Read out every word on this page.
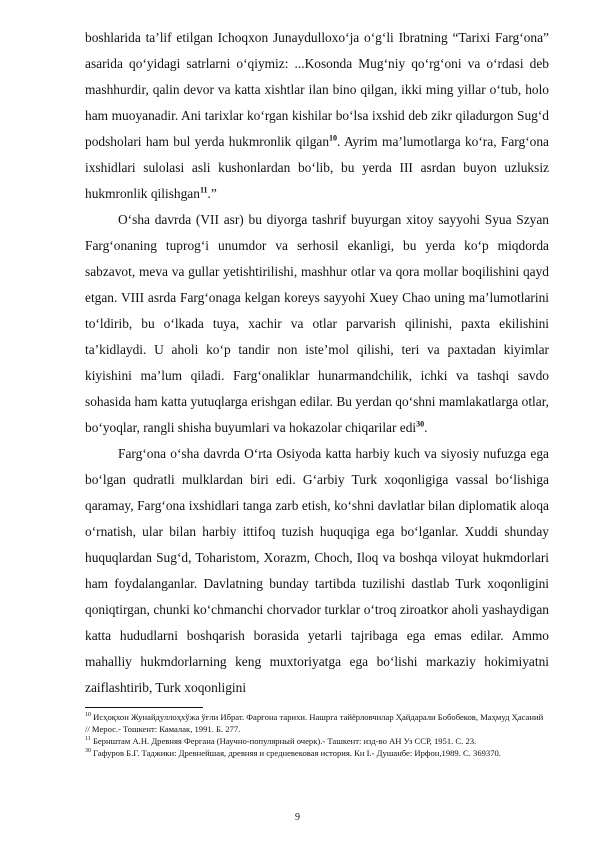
boshlarida ta’lif etilgan Ichoqxon Junaydulloxo‘ja o‘g‘li Ibratning “Tarixi Farg‘ona” asarida qo‘yidagi satrlarni o‘qiymiz: ...Kosonda Mug‘niy qo‘rg‘oni va o‘rdasi deb mashhurdir, qalin devor va katta xishtlar ilan bino qilgan, ikki ming yillar o‘tub, holo ham muoyanadir. Ani tarixlar ko‘rgan kishilar bo‘lsa ixshid deb zikr qiladurgon Sug‘d podsholari ham bul yerda hukmronlik qilgan$^{10}$. Ayrim ma’lumotlarga ko‘ra, Farg‘ona ixshidlari sulolasi asli kushonlardan bo‘lib, bu yerda III asrdan buyon uzluksiz hukmronlik qilishgan$^{11}$.”

O‘sha davrda (VII asr) bu diyorga tashrif buyurgan xitoy sayyohi Syua Szyan Farg‘onaning tuprog‘i unumdor va serhosil ekanligi, bu yerda ko‘p miqdorda sabzavot, meva va gullar yetishtirilishi, mashhur otlar va qora mollar boqilishini qayd etgan. VIII asrda Farg‘onaga kelgan koreys sayyohi Xuey Chao uning ma’lumotlarini to‘ldirib, bu o‘lkada tuya, xachir va otlar parvarish qilinishi, paxta ekilishini ta’kidlaydi. U aholi ko‘p tandir non iste’mol qilishi, teri va paxtadan kiyimlar kiyishini ma’lum qiladi. Farg‘onaliklar hunarmandchilik, ichki va tashqi savdo sohasida ham katta yutuqlarga erishgan edilar. Bu yerdan qo‘shni mamlakatlarga otlar, bo‘yoqlar, rangli shisha buyumlari va hokazolar chiqarilar edi$^{30}$.

Farg‘ona o‘sha davrda O‘rta Osiyoda katta harbiy kuch va siyosiy nufuzga ega bo‘lgan qudratli mulklardan biri edi. G‘arbiy Turk xoqonligiga vassal bo‘lishiga qaramay, Farg‘ona ixshidlari tanga zarb etish, ko‘shni davlatlar bilan diplomatik aloqa o‘rnatish, ular bilan harbiy ittifoq tuzish huquqiga ega bo‘lganlar. Xuddi shunday huquqlardan Sug‘d, Toharistom, Xorazm, Choch, Iloq va boshqa viloyat hukmdorlari ham foydalanganlar. Davlatning bunday tartibda tuzilishi dastlab Turk xoqonligini qoniqtirgan, chunki ko‘chmanchi chorvador turklar o‘troq ziroatkor aholi yashaydigan katta hududlarni boshqarish borasida yetarli tajribaga ega emas edilar. Ammo mahalliy hukmdorlarning keng muxtoriyatga ega bo‘lishi markaziy hokimiyatni zaiflashtirib, Turk xoqonligini

$^{10}$ Исҳоқхон Жунайдуллоҳхўжа ўғли Ибрат. Фарғона тарихи. Нашрга тайёрловчилар Ҳайдарали Бобобеков, Маҳмуд Ҳасаний // Мерос.- Тошкент: Камалак, 1991. Б. 277.

$^{11}$ Бернштам А.Н. Древняя Фергана (Научно-популярный очерк).- Ташкент: изд-во АН Уз ССР, 1951. С. 23.

$^{30}$ Гафуров Б.Г. Таджики: Древнейшая, древняя и средневековая история. Кн I.- Душанбе: Ирфон,1989. С. 369370.

9
